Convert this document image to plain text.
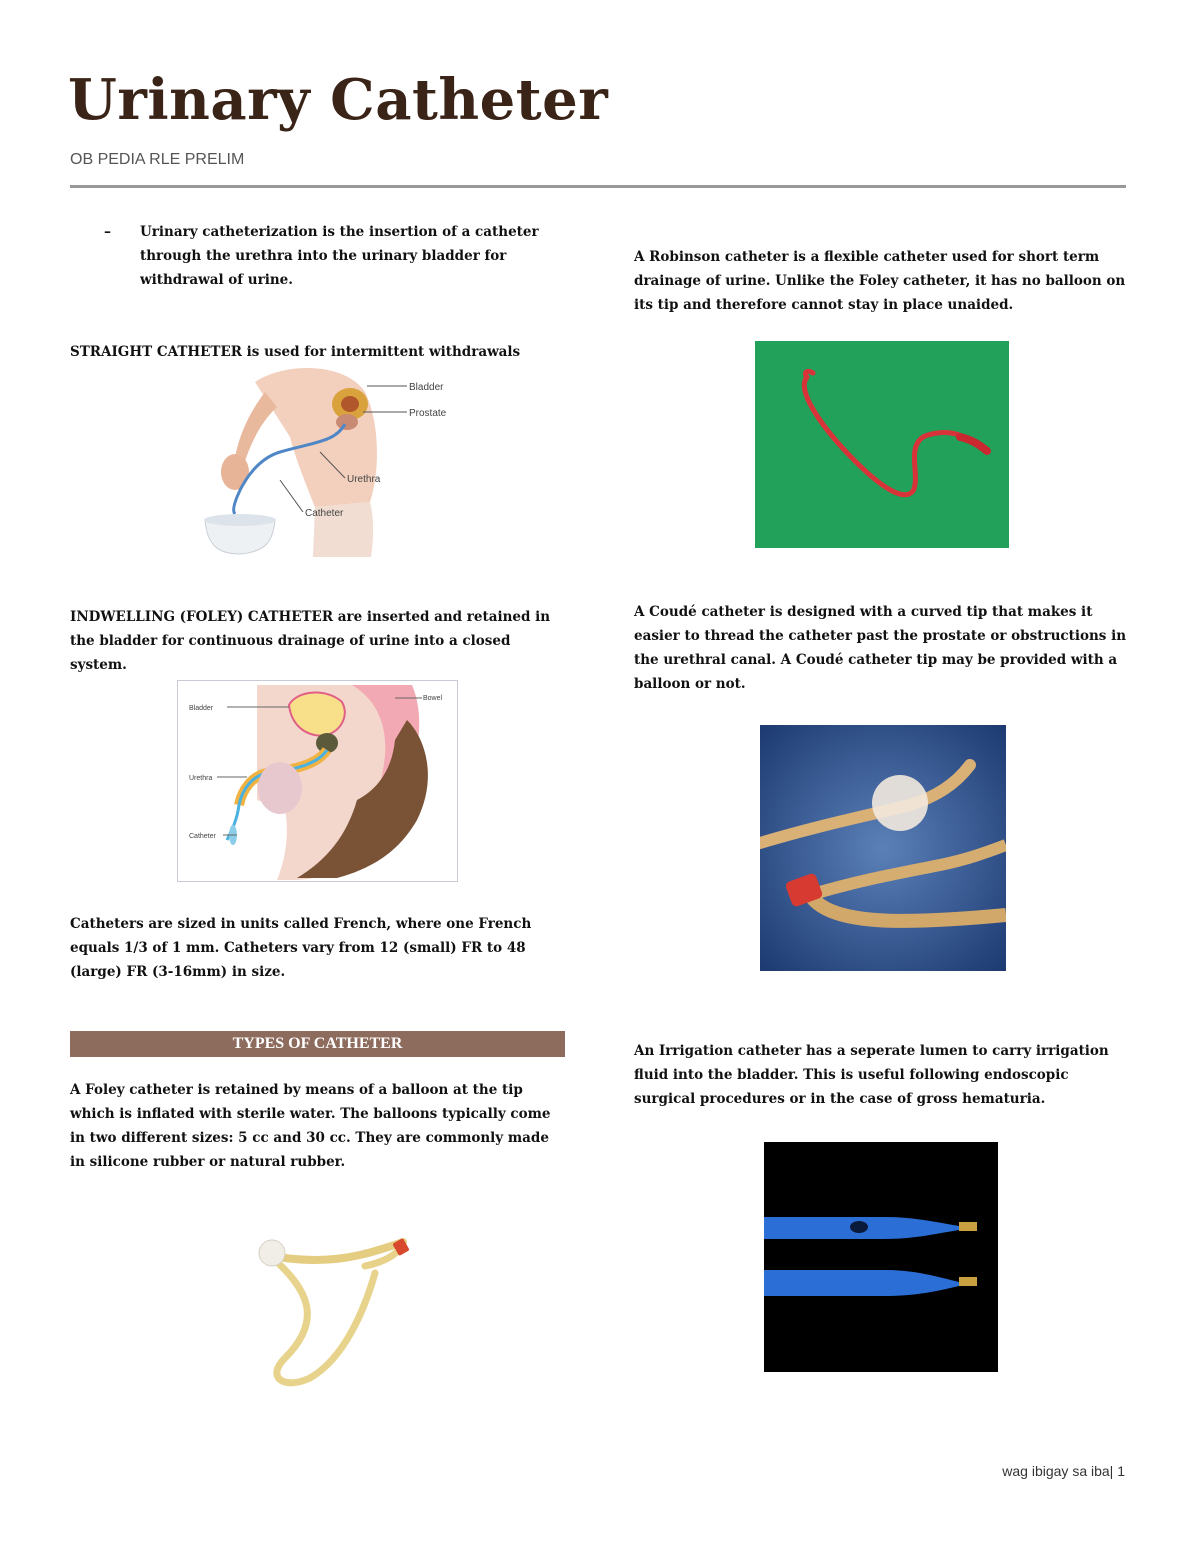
Urinary Catheter
OB PEDIA RLE PRELIM
– Urinary catheterization is the insertion of a catheter through the urethra into the urinary bladder for withdrawal of urine.

STRAIGHT CATHETER is used for intermittent withdrawals

Bladder
Prostate
Urethra
Catheter

INDWELLING (FOLEY) CATHETER are inserted and retained in the bladder for continuous drainage of urine into a closed system.

Bladder
Bowel
Urethra
Catheter

Catheters are sized in units called French, where one French equals 1/3 of 1 mm. Catheters vary from 12 (small) FR to 48 (large) FR (3-16mm) in size.

TYPES OF CATHETER

A Foley catheter is retained by means of a balloon at the tip which is inflated with sterile water. The balloons typically come in two different sizes: 5 cc and 30 cc. They are commonly made in silicone rubber or natural rubber.

A Robinson catheter is a flexible catheter used for short term drainage of urine. Unlike the Foley catheter, it has no balloon on its tip and therefore cannot stay in place unaided.

A Coudé catheter is designed with a curved tip that makes it easier to thread the catheter past the prostate or obstructions in the urethral canal. A Coudé catheter tip may be provided with a balloon or not.

An Irrigation catheter has a seperate lumen to carry irrigation fluid into the bladder. This is useful following endoscopic surgical procedures or in the case of gross hematuria.

wag ibigay sa iba| 1
